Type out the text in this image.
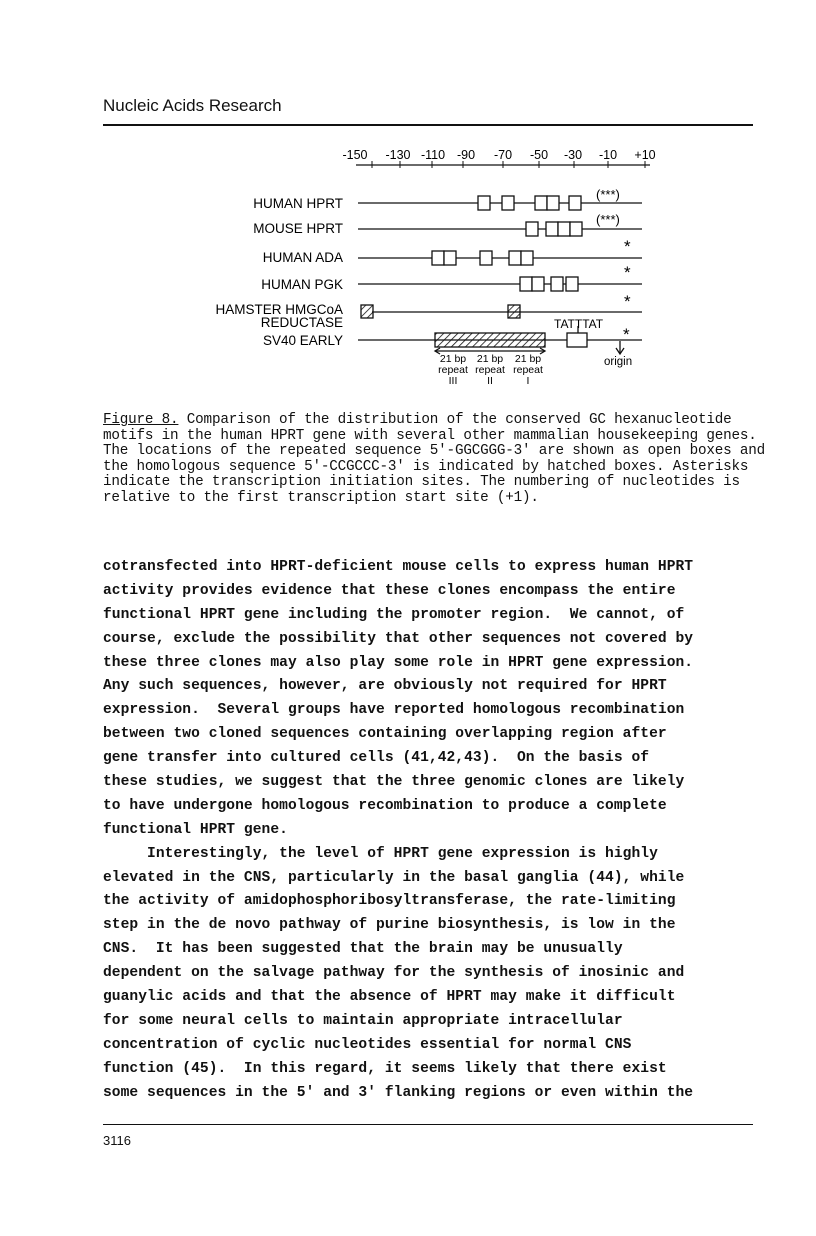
Nucleic Acids Research
-150 -130 -110 -90 -70 -50 -30 -10 +10
HUMAN HPRT
MOUSE HPRT
HUMAN ADA
HUMAN PGK
HAMSTER HMGCoA
REDUCTASE
SV40 EARLY
(***)
(***)
*
*
*
TATTTAT
*
origin
21 bp
repeat
III
21 bp
repeat
II
21 bp
repeat
I

Figure 8. Comparison of the distribution of the conserved GC hexanucleotide motifs in the human HPRT gene with several other mammalian housekeeping genes. The locations of the repeated sequence 5'-GGCGGG-3' are shown as open boxes and the homologous sequence 5'-CCGCCC-3' is indicated by hatched boxes. Asterisks indicate the transcription initiation sites. The numbering of nucleotides is relative to the first transcription start site (+1).

cotransfected into HPRT-deficient mouse cells to express human HPRT
activity provides evidence that these clones encompass the entire
functional HPRT gene including the promoter region.  We cannot, of
course, exclude the possibility that other sequences not covered by
these three clones may also play some role in HPRT gene expression.
Any such sequences, however, are obviously not required for HPRT
expression.  Several groups have reported homologous recombination
between two cloned sequences containing overlapping region after
gene transfer into cultured cells (41,42,43).  On the basis of
these studies, we suggest that the three genomic clones are likely
to have undergone homologous recombination to produce a complete
functional HPRT gene.
Interestingly, the level of HPRT gene expression is highly
elevated in the CNS, particularly in the basal ganglia (44), while
the activity of amidophosphoribosyltransferase, the rate-limiting
step in the de novo pathway of purine biosynthesis, is low in the
CNS.  It has been suggested that the brain may be unusually
dependent on the salvage pathway for the synthesis of inosinic and
guanylic acids and that the absence of HPRT may make it difficult
for some neural cells to maintain appropriate intracellular
concentration of cyclic nucleotides essential for normal CNS
function (45).  In this regard, it seems likely that there exist
some sequences in the 5' and 3' flanking regions or even within the
3116
